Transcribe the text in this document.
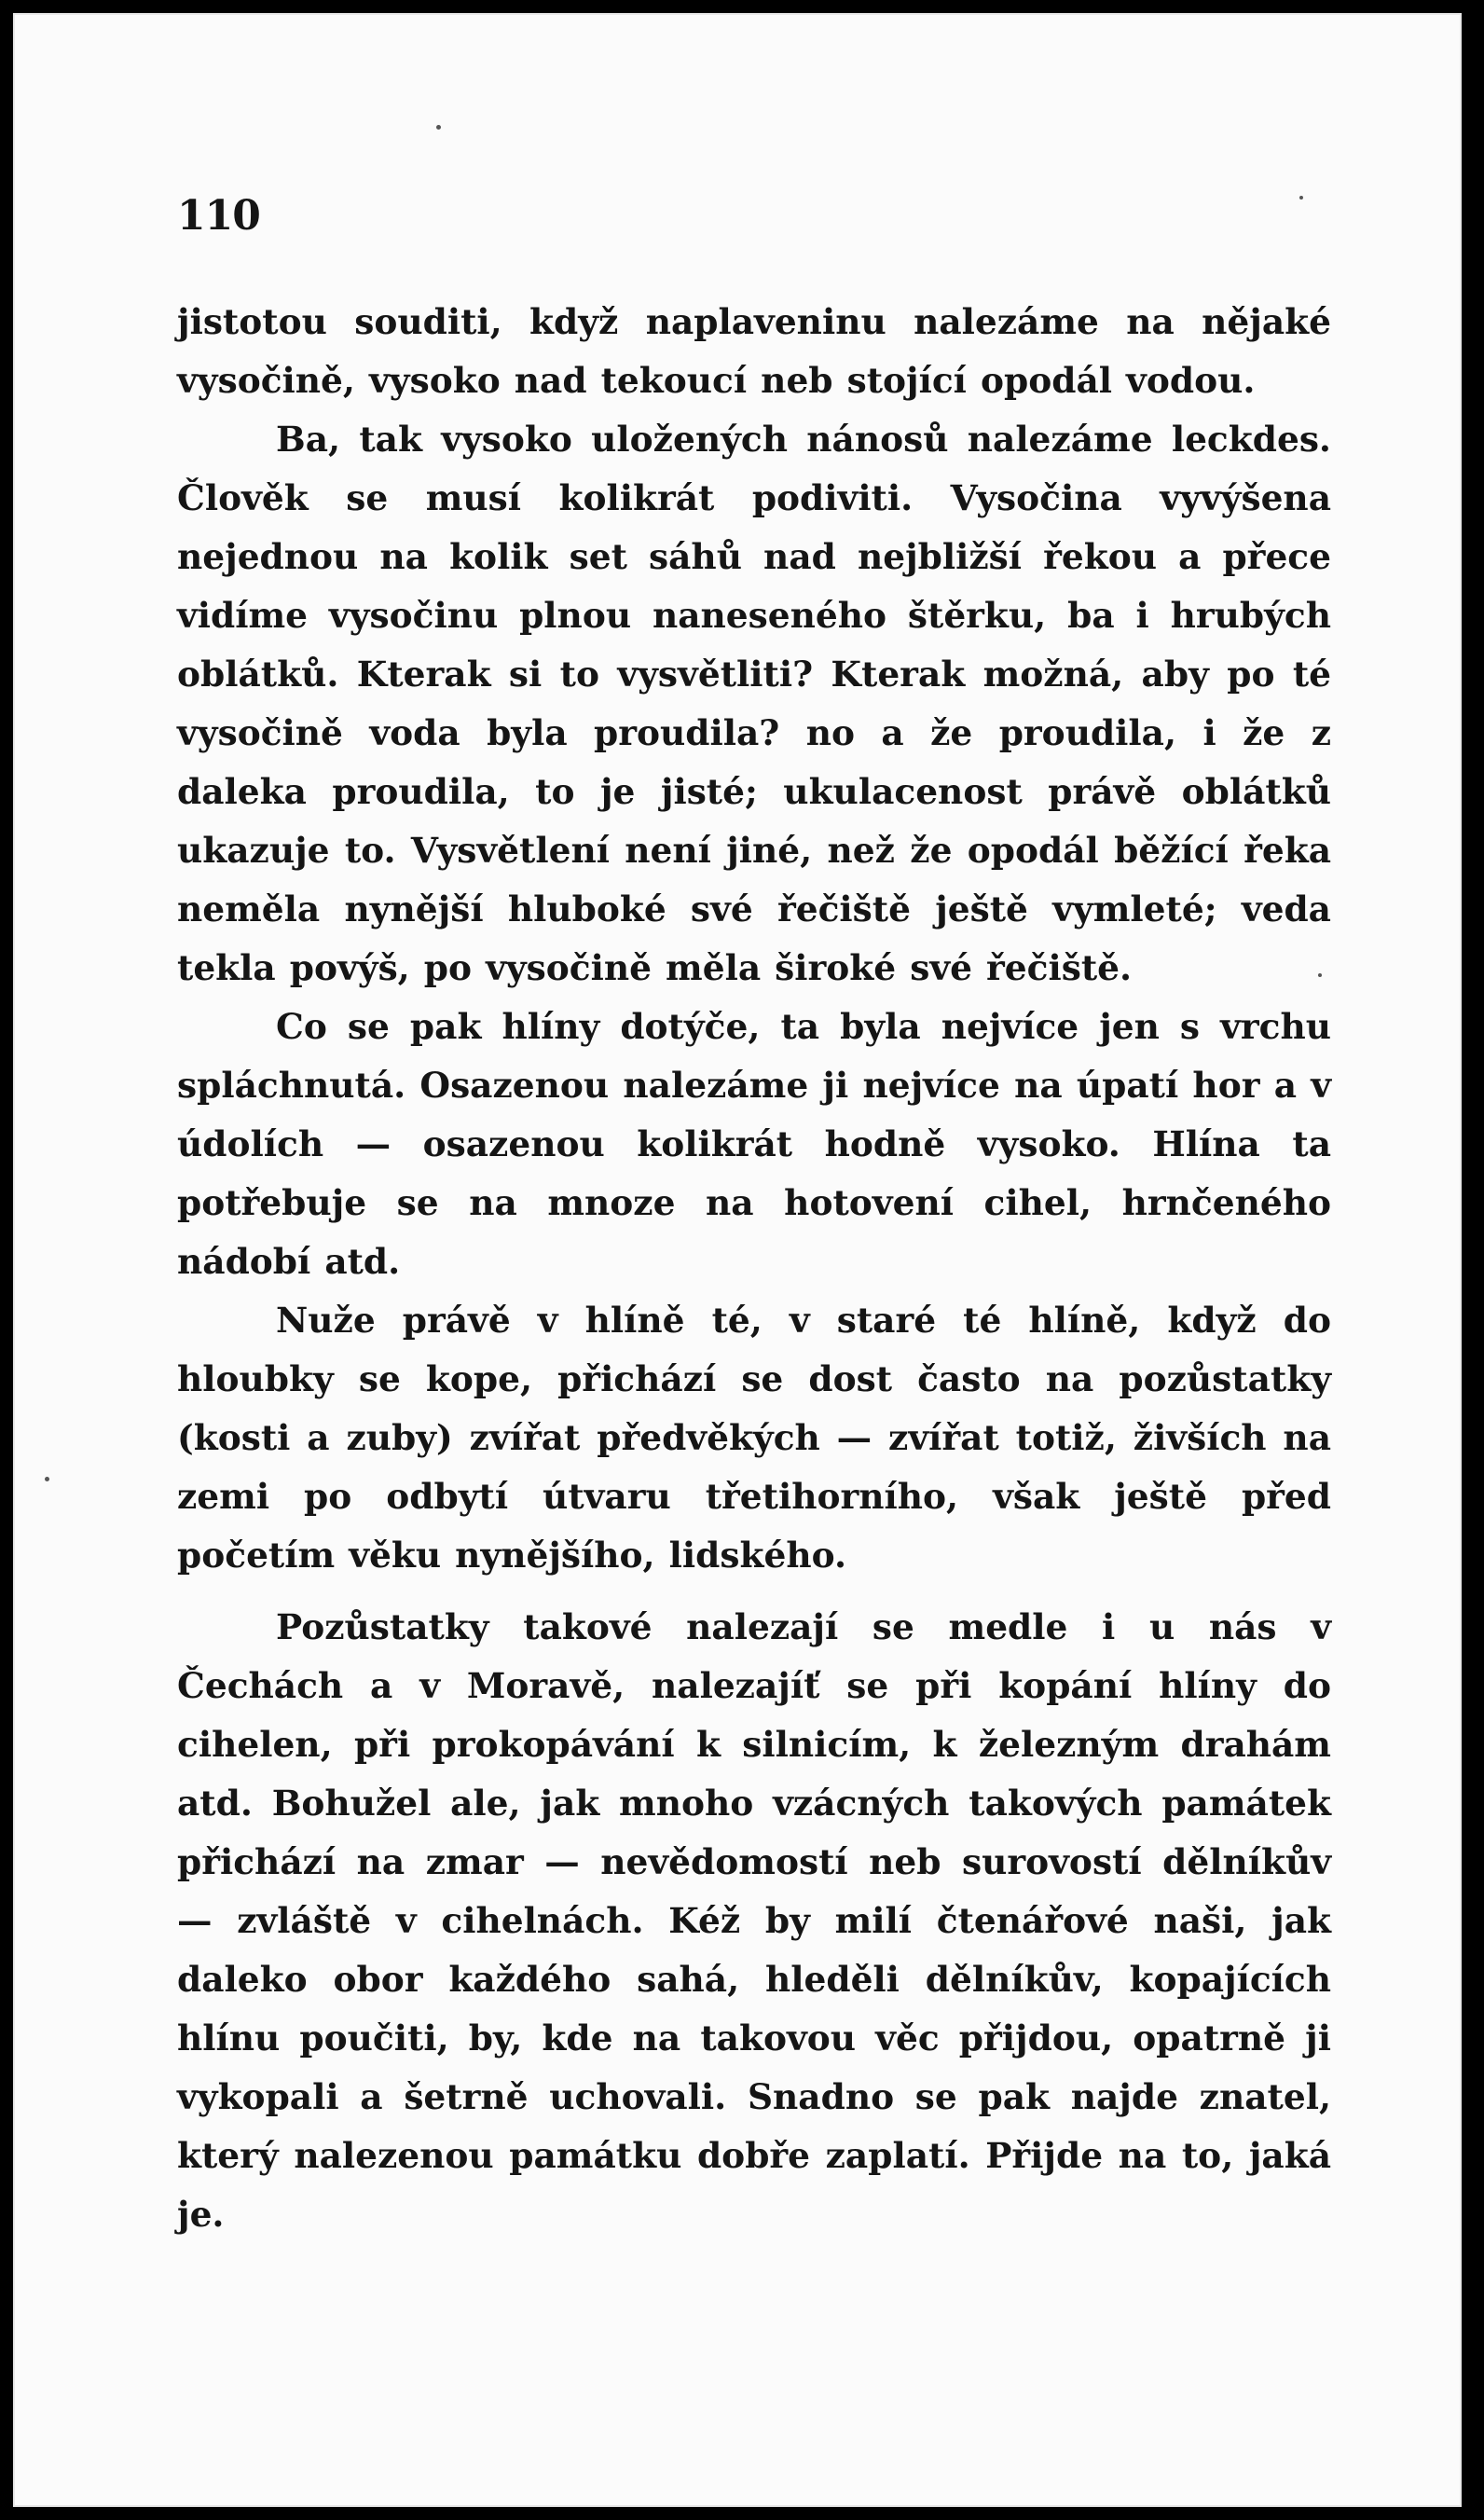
110

jistotou souditi, když naplaveninu nalezáme na nějaké vysočině, vysoko nad tekoucí neb stojící opodál vodou.

Ba, tak vysoko uložených nánosů nalezáme leckdes. Člověk se musí kolikrát podiviti. Vysočina vyvýšena nejednou na kolik set sáhů nad nejbližší řekou a přece vidíme vysočinu plnou naneseného štěrku, ba i hrubých oblátků. Kterak si to vysvětliti? Kterak možná, aby po té vysočině voda byla proudila? no a že proudila, i že z daleka proudila, to je jisté; ukulacenost právě oblátků ukazuje to. Vysvětlení není jiné, než že opodál běžící řeka neměla nynější hluboké své řečiště ještě vymleté; veda tekla povýš, po vysočině měla široké své řečiště.

Co se pak hlíny dotýče, ta byla nejvíce jen s vrchu spláchnutá. Osazenou nalezáme ji nejvíce na úpatí hor a v údolích — osazenou kolikrát hodně vysoko. Hlína ta potřebuje se na mnoze na hotovení cihel, hrnčeného nádobí atd.

Nuže právě v hlíně té, v staré té hlíně, když do hloubky se kope, přichází se dost často na pozůstatky (kosti a zuby) zvířat předvěkých — zvířat totiž, živších na zemi po odbytí útvaru třetihorního, však ještě před početím věku nynějšího, lidského.

Pozůstatky takové nalezají se medle i u nás v Čechách a v Moravě, nalezajíť se při kopání hlíny do cihelen, při prokopávání k silnicím, k železným drahám atd. Bohužel ale, jak mnoho vzácných takových památek přichází na zmar — nevědomostí neb surovostí dělníkův — zvláště v cihelnách. Kéž by milí čtenářové naši, jak daleko obor každého sahá, hleděli dělníkův, kopajících hlínu poučiti, by, kde na takovou věc přijdou, opatrně ji vykopali a šetrně uchovali. Snadno se pak najde znatel, který nalezenou památku dobře zaplatí. Přijde na to, jaká je.
